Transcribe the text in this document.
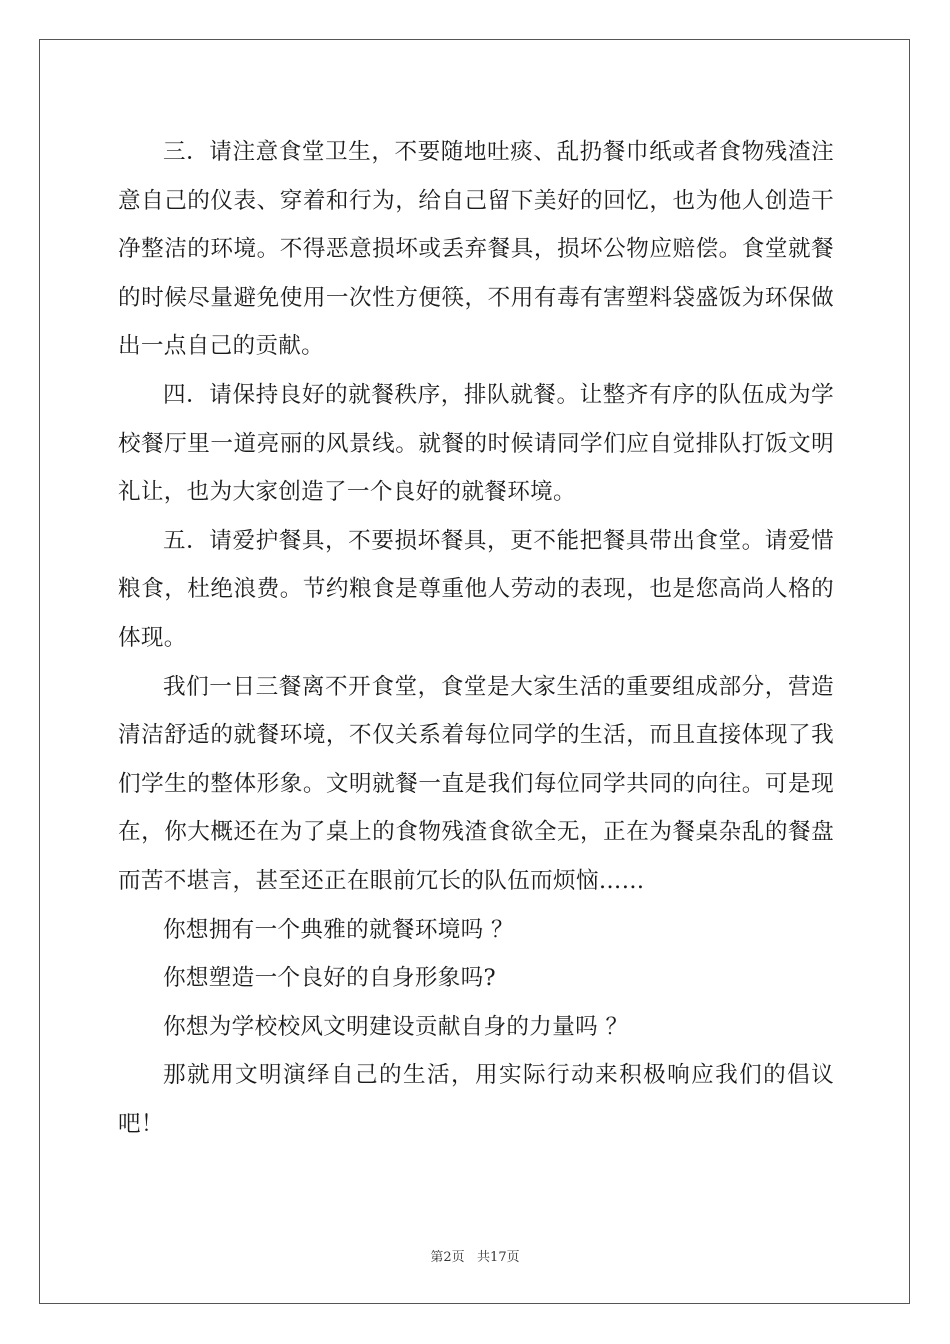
三．请注意食堂卫生，不要随地吐痰、乱扔餐巾纸或者食物残渣注意自己的仪表、穿着和行为，给自己留下美好的回忆，也为他人创造干净整洁的环境。不得恶意损坏或丢弃餐具，损坏公物应赔偿。食堂就餐的时候尽量避免使用一次性方便筷，不用有毒有害塑料袋盛饭为环保做出一点自己的贡献。

四．请保持良好的就餐秩序，排队就餐。让整齐有序的队伍成为学校餐厅里一道亮丽的风景线。就餐的时候请同学们应自觉排队打饭文明礼让，也为大家创造了一个良好的就餐环境。

五．请爱护餐具，不要损坏餐具，更不能把餐具带出食堂。请爱惜粮食，杜绝浪费。节约粮食是尊重他人劳动的表现，也是您高尚人格的体现。

我们一日三餐离不开食堂，食堂是大家生活的重要组成部分，营造清洁舒适的就餐环境，不仅关系着每位同学的生活，而且直接体现了我们学生的整体形象。文明就餐一直是我们每位同学共同的向往。可是现在，你大概还在为了桌上的食物残渣食欲全无，正在为餐桌杂乱的餐盘而苦不堪言，甚至还正在眼前冗长的队伍而烦恼……

你想拥有一个典雅的就餐环境吗 ？

你想塑造一个良好的自身形象吗?

你想为学校校风文明建设贡献自身的力量吗 ？

那就用文明演绎自己的生活，用实际行动来积极响应我们的倡议吧！

第2页   共17页
